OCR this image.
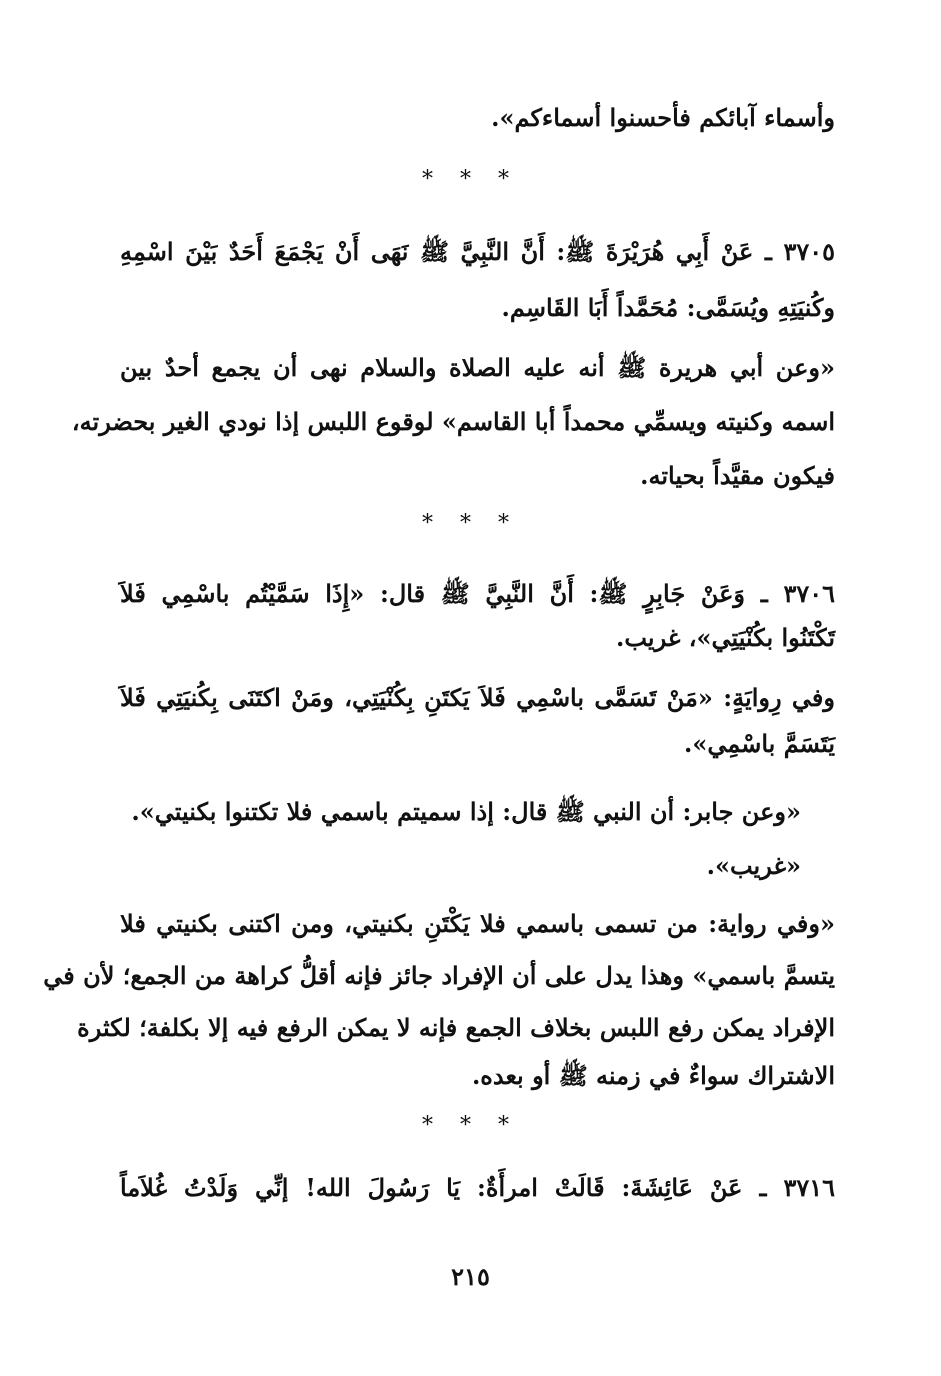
وأسماء آبائكم فأحسنوا أسماءكم».
* * *
٣٧٠٥ ـ عَنْ أَبِي هُرَيْرَةَ ﷺ: أَنَّ النَّبِيَّ ﷺ نَهَى أَنْ يَجْمَعَ أَحَدٌ بَيْنَ اسْمِهِ
وكُنيَتِهِ ويُسَمَّى: مُحَمَّداً أَبَا القَاسِم.
«وعن أبي هريرة ﷺ أنه عليه الصلاة والسلام نهى أن يجمع أحدٌ بين
اسمه وكنيته ويسمِّي محمداً أبا القاسم» لوقوع اللبس إذا نودي الغير بحضرته،
فيكون مقيَّداً بحياته.
* * *
٣٧٠٦ ـ وَعَنْ جَابِرٍ ﷺ: أَنَّ النَّبِيَّ ﷺ قال: «إِذَا سَمَّيْتُم باسْمِي فَلاَ
تَكْتَنُوا بكُنْيَتِي»، غريب.
وفي رِوايَةٍ: «مَنْ تَسَمَّى باسْمِي فَلاَ يَكتَنِ بِكُنْيَتِي، ومَنْ اكتَنَى بِكُنيَتِي فَلاَ
يَتَسَمَّ باسْمِي».
«وعن جابر: أن النبي ﷺ قال: إذا سميتم باسمي فلا تكتنوا بكنيتي».
«غريب».
«وفي رواية: من تسمى باسمي فلا يَكْتَنِ بكنيتي، ومن اكتنى بكنيتي فلا
يتسمَّ باسمي» وهذا يدل على أن الإفراد جائز فإنه أقلُّ كراهة من الجمع؛ لأن في
الإفراد يمكن رفع اللبس بخلاف الجمع فإنه لا يمكن الرفع فيه إلا بكلفة؛ لكثرة
الاشتراك سواءٌ في زمنه ﷺ أو بعده.
* * *
٣٧١٦ ـ عَنْ عَائِشَةَ: قَالَتْ امرأَةٌ: يَا رَسُولَ الله! إنِّي وَلَدْتُ غُلاَماً
٢١٥
